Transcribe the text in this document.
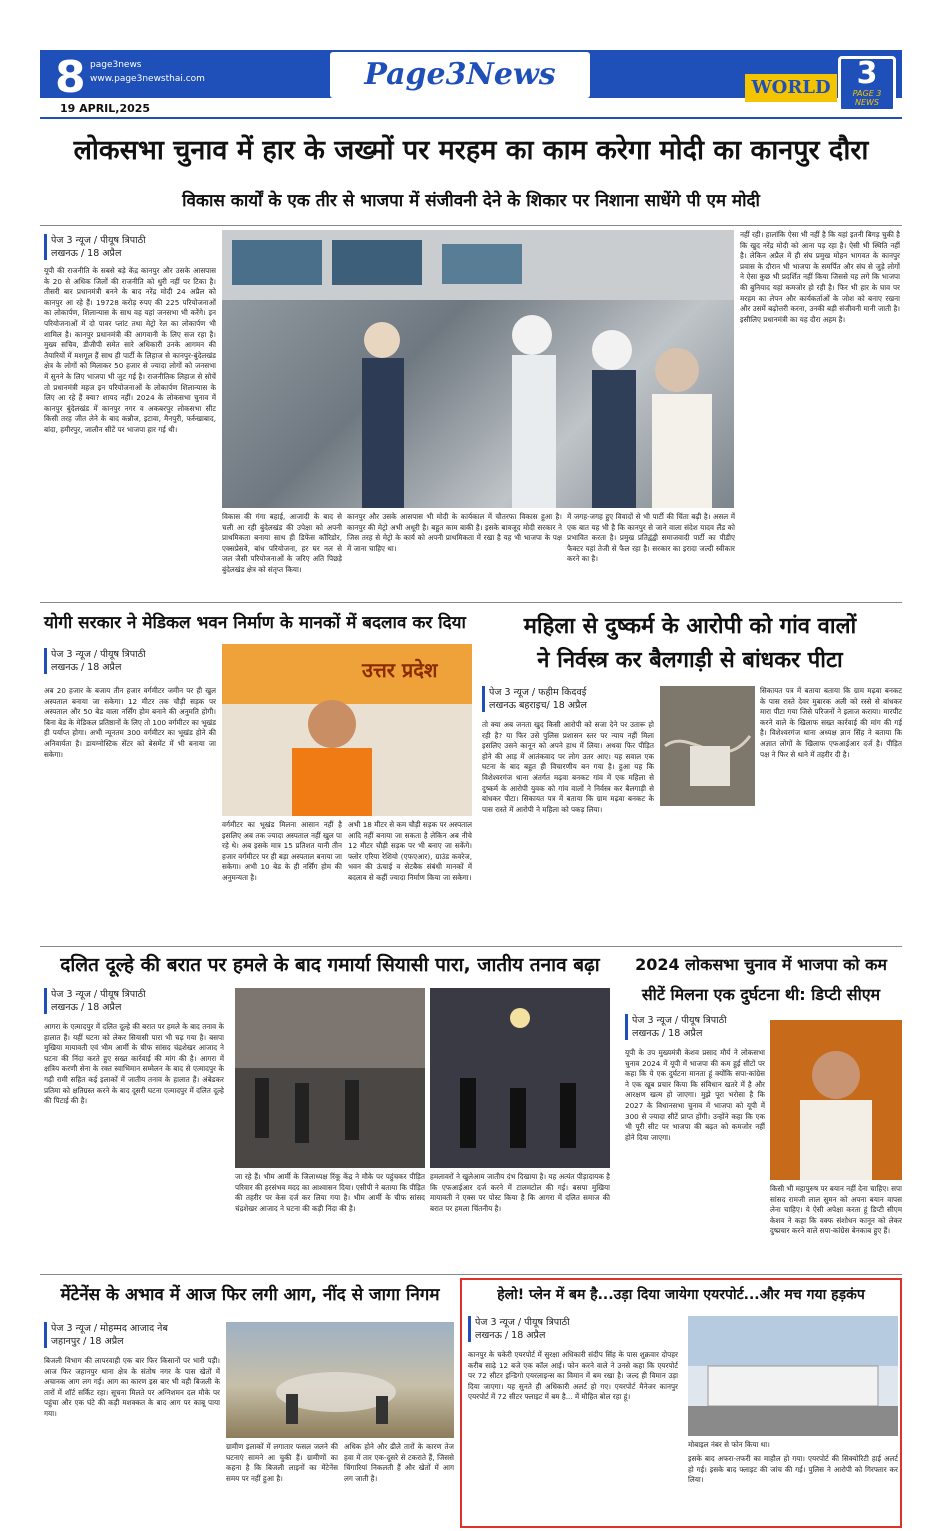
8 page3news
www.page3newsthai.com	Page3News	WORLD 3
PAGE 3
NEWS
19 APRIL,2025
लोकसभा चुनाव में हार के जख्मों पर मरहम का काम करेगा मोदी का कानपुर दौरा
विकास कार्यों के एक तीर से भाजपा में संजीवनी देने के शिकार पर निशाना साधेंगे पी एम मोदी
पेज 3 न्यूज / पीयूष त्रिपाठी
लखनऊ / 18 अप्रैल
यूपी की राजनीति के सबसे बड़े केंद्र कानपुर और उसके आसपास के 20 से अधिक जिलों की राजनीति को धुरी नहीं पर टिका है। तीसरी बार प्रधानमंत्री बनने के बाद नरेंद्र मोदी 24 अप्रैल को कानपुर आ रहे हैं। 19728 करोड़ रुपए की 225 परियोजनाओं का लोकार्पण, शिलान्यास के साथ वह यहां जनसभा भी करेंगे। इन परियोजनाओं में दो पावर प्लांट तथा मेट्रो रेल का लोकार्पण भी शामिल है। कानपुर प्रधानमंत्री की आगवानी के लिए सज रहा है। मुख्य सचिव, डीजीपी समेत सारे अधिकारी उनके आगमन की तैयारियों में मशगूल हैं साथ ही पार्टी के लिहाज से कानपुर-बुंदेलखंड क्षेत्र के लोगों को मिलाकर 50 हजार से ज्यादा लोगों को जनसभा में सुनने के लिए भाजपा भी जुट गई है। राजनीतिक लिहाज से सोचें तो प्रधानमंत्री महज इन परियोजनाओं के लोकार्पण शिलान्यास के लिए आ रहे हैं क्या? शायद नहीं। 2024 के लोकसभा चुनाव में कानपुर बुंदेलखंड में कानपुर नगर व अकबरपुर लोकसभा सीट किसी तरह जीत लेने के बाद कन्नौज, इटावा, मैनपुरी, फर्रुखाबाद, बांदा, हमीरपुर, जालौन सीटें पर भाजपा हार गई थी।
विकास की गंगा बहाई, आजादी के बाद से चली आ रही बुंदेलखंड की उपेक्षा को अपनी प्राथमिकता बनाया साथ ही डिफेंस कॉरिडोर, एक्सप्रेसवे, बांध परियोजना, हर घर नल से जल जैसी परियोजनाओं के जरिए अति पिछड़े बुंदेलखंड क्षेत्र को संतृप्त किया।
कानपुर और उसके आसपास भी मोदी के कार्यकाल में चौतरफा विकास हुआ है। कानपुर की मेट्रो अभी अधूरी है। बहुत काम बाकी है। इसके बावजूद मोदी सरकार ने जिस तरह से मेट्रो के कार्य को अपनी प्राथमिकता में रखा है यह भी भाजपा के पक्ष में जाना चाहिए था।
में जगह-जगह हुए विवादों से भी पार्टी की चिंता बढ़ी है। असल में एक बात यह भी है कि कानपुर से जाने वाला संदेश यादव लैंड को प्रभावित करता है। प्रमुख प्रतिद्वंद्वी समाजवादी पार्टी का पीडीए फैक्टर यहां तेजी से फैल रहा है। सरकार का इरादा जल्दी स्वीकार करने का है।
नहीं रही। हालांकि ऐसा भी नहीं है कि यहां इतनी बिगड़ चुकी है कि खुद नरेंद्र मोदी को आना पड़ रहा है। ऐसी भी स्थिति नहीं है। लेकिन अप्रैल में ही संघ प्रमुख मोहन भागवत के कानपुर प्रवास के दौरान भी भाजपा के समर्पित और संघ से जुड़े लोगों ने ऐसा कुछ भी प्रदर्शित नहीं किया जिससे यह लगे कि भाजपा की बुनियाद यहां कमजोर हो रही है। फिर भी हार के घाव पर मरहम का लेपन और कार्यकर्ताओं के जोश को बनाए रखना और उसमें बढ़ोत्तरी करना, उनकी बड़ी संजीवनी मानी जाती है। इसीलिए प्रधानमंत्री का यह दौरा अहम है।
योगी सरकार ने मेडिकल भवन निर्माण के मानकों में बदलाव कर दिया
पेज 3 न्यूज / पीयूष त्रिपाठी
लखनऊ / 18 अप्रैल
अब 20 हजार के बजाय तीन हजार वर्गमीटर जमीन पर ही खुल अस्पताल बनाया जा सकेगा। 12 मीटर तक चौड़ी सड़क पर अस्पताल और 50 बेड वाला नर्सिंग होम बनाने की अनुमति होगी। बिना बेड के मेडिकल प्रतिष्ठानों के लिए तो 100 वर्गमीटर का भूखंड ही पर्याप्त होगा। अभी न्यूनतम 300 वर्गमीटर का भूखंड होने की अनिवार्यता है। डायग्नोस्टिक सेंटर को बेसमेंट में भी बनाया जा सकेगा।
उत्तर प्रदेश
वर्गमीटर का भूखंड मिलना आसान नहीं है इसलिए अब तक ज्यादा अस्पताल नहीं खुल पा रहे थे। अब इसके मात्र 15 प्रतिशत यानी तीन हजार वर्गमीटर पर ही बड़ा अस्पताल बनाया जा सकेगा। अभी 10 बेड के ही नर्सिंग होम की अनुमन्यता है।
अभी 18 मीटर से कम चौड़ी सड़क पर अस्पताल आदि नहीं बनाया जा सकता है लेकिन अब नीचे 12 मीटर चौड़ी सड़क पर भी बनाए जा सकेंगे। फ्लोर एरिया रेशियो (एफएआर), ग्राउंड कवरेज, भवन की ऊंचाई व सेटबैक संबंधी मानकों में बदलाव से कहीं ज्यादा निर्माण किया जा सकेगा।
महिला से दुष्कर्म के आरोपी को गांव वालों
ने निर्वस्त्र कर बैलगाड़ी से बांधकर पीटा
पेज 3 न्यूज / फहीम किदवई
लखनऊ बहराइच/ 18 अप्रैल
तो क्या अब जनता खुद किसी आरोपी को सजा देने पर उतारू हो रही है? या फिर उसे पुलिस प्रशासन स्तर पर न्याय नहीं मिला इसलिए उसने कानून को अपने हाथ में लिया। अथवा फिर पीड़ित होने की आड़ में आतंकवाद पर लोग उतर आए। यह सवाल एक घटना के बाद बहुत ही विचारणीय बन गया है। हुआ यह कि विशेश्वरगंज थाना अंतर्गत मढ़वा बनकट गांव में एक महिला से दुष्कर्म के आरोपी युवक को गांव वालों ने निर्वस्त्र कर बैलगाड़ी से बांधकर पीटा। सिकायत पत्र में बताया कि ग्राम मढ़वा बनकट के पास रास्ते में आरोपी ने महिला को पकड़ लिया।
सिकायत पत्र में बताया बताया कि ग्राम मढ़वा बनकट के पास रास्ते देवर मुबारक अली को रस्से से बांधकर मारा पीटा गया जिसे परिजनों ने इलाज कराया। मारपीट करने वाले के खिलाफ सख्त कार्रवाई की मांग की गई है। विशेश्वरगंज थाना अध्यक्ष ज्ञान सिंह ने बताया कि अज्ञात लोगों के खिलाफ एफआईआर दर्ज है। पीड़ित पक्ष ने फिर से थाने में तहरीर दी है।
दलित दूल्हे की बरात पर हमले के बाद गमार्या सियासी पारा, जातीय तनाव बढ़ा
पेज 3 न्यूज / पीयूष त्रिपाठी
लखनऊ / 18 अप्रैल
आगरा के एत्मादपुर में दलित दूल्हे की बरात पर हमले के बाद तनाव के हालात हैं। यहीं घटना को लेकर सियासी पारा भी चढ़ गया है। बसपा मुखिया मायावती एवं भीम आर्मी के चीफ सांसद चंद्रशेखर आजाद ने घटना की निंदा करते हुए सख्त कार्रवाई की मांग की है। आगरा में क्षत्रिय करणी सेना के रक्त स्वाभिमान सम्मेलन के बाद से एत्मादपुर के गढ़ी रामी सहित कई इलाकों में जातीय तनाव के हालात हैं। अंबेडकर प्रतिमा को क्षतिग्रस्त करने के बाद दूसरी घटना एत्मादपुर में दलित दूल्हे की पिटाई की है।
जा रहे हैं। भीम आर्मी के जिलाध्यक्ष रिंकू केंद्र ने मौके पर पहुंचकर पीड़ित परिवार की हरसंभव मदद का आश्वासन दिया। एसीपी ने बताया कि पीड़ित की तहरीर पर केस दर्ज कर लिया गया है। भीम आर्मी के चीफ सांसद चंद्रशेखर आजाद ने घटना की कड़ी निंदा की है।
हमलावरों ने खुलेआम जातीय दंभ दिखाया है। यह अत्यंत पीड़ादायक है कि एफआईआर दर्ज करने में टालमटोल की गई। बसपा मुखिया मायावती ने एक्स पर पोस्ट किया है कि आगरा में दलित समाज की बरात पर हमला चिंतनीय है।
2024 लोकसभा चुनाव में भाजपा को कम
सीटें मिलना एक दुर्घटना थी: डिप्टी सीएम
पेज 3 न्यूज / पीयूष त्रिपाठी
लखनऊ / 18 अप्रैल
यूपी के उप मुख्यमंत्री केशव प्रसाद मौर्य ने लोकसभा चुनाव 2024 में यूपी में भाजपा की कम हुई सीटों पर कहा कि ये एक दुर्घटना मानता हूं क्योंकि सपा-कांग्रेस ने एक खूब प्रचार किया कि संविधान खतरे में है और आरक्षण खत्म हो जाएगा। मुझे पूरा भरोसा है कि 2027 के विधानसभा चुनाव में भाजपा को यूपी में 300 से ज्यादा सीटें प्राप्त होंगी। उन्होंने कहा कि एक भी पूरी सीट पर भाजपा की बढ़त को कमजोर नहीं होने दिया जाएगा।
किसी भी महापुरुष पर बयान नहीं देना चाहिए। सपा सांसद रामजी लाल सुमन को अपना बयान वापस लेना चाहिए। ये ऐसी अपेक्षा करता हूं डिप्टी सीएम केशव ने कहा कि वक्फ संशोधन कानून को लेकर दुष्प्रचार करने वाले सपा-कांग्रेस बेनकाब हुए हैं।
मेंटेनेंस के अभाव में आज फिर लगी आग, नींद से जागा निगम
पेज 3 न्यूज / मोहम्मद आजाद नेब
जहानपुर / 18 अप्रैल
बिजली विभाग की लापरवाही एक बार फिर किसानों पर भारी पड़ी। आज फिर जहानपुर थाना क्षेत्र के संतोष नगर के पास खेतों में अचानक आग लग गई। आग का कारण इस बार भी वही बिजली के तारों में शॉर्ट सर्किट रहा। सूचना मिलते पर अग्निशमन दल मौके पर पहुंचा और एक घंटे की कड़ी मशक्कत के बाद आग पर काबू पाया गया।
ग्रामीण इलाकों में लगातार फसल जलने की घटनाएं सामने आ चुकी हैं। ग्रामीणों का कहना है कि बिजली लाइनों का मेंटेनेंस समय पर नहीं हुआ है।
अधिक होने और ढीले तारों के कारण तेज हवा में तार एक-दूसरे से टकराते हैं, जिससे चिंगारियां निकलती हैं और खेतों में आग लग जाती है।
हेलो! प्लेन में बम है...उड़ा दिया जायेगा एयरपोर्ट...और मच गया हड़कंप
पेज 3 न्यूज / पीयूष त्रिपाठी
लखनऊ / 18 अप्रैल
कानपुर के चकेरी एयरपोर्ट में सुरक्षा अधिकारी संदीप सिंह के पास शुक्रवार दोपहर करीब साढ़े 12 बजे एक कॉल आई। फोन करने वाले ने उनसे कहा कि एयरपोर्ट पर 72 सीटर इन्डिगो एयरलाइन्स का विमान में बम रखा है। जल्द ही विमान उड़ा दिया जाएगा। यह सुनते ही अधिकारी अलर्ट हो गए। एयरपोर्ट मैनेजर कानपुर एयरपोर्ट में 72 सीटर फ्लाइट में बम है... में मौहित बोल रहा हूं।
मोबाइल नंबर से फोन किया था।
इसके बाद अफरा-तफरी का माहौल हो गया। एयरपोर्ट की सिक्योरिटी हाई अलर्ट हो गई। इसके बाद फ्लाइट की जांच की गई। पुलिस ने आरोपी को गिरफ्तार कर लिया।
